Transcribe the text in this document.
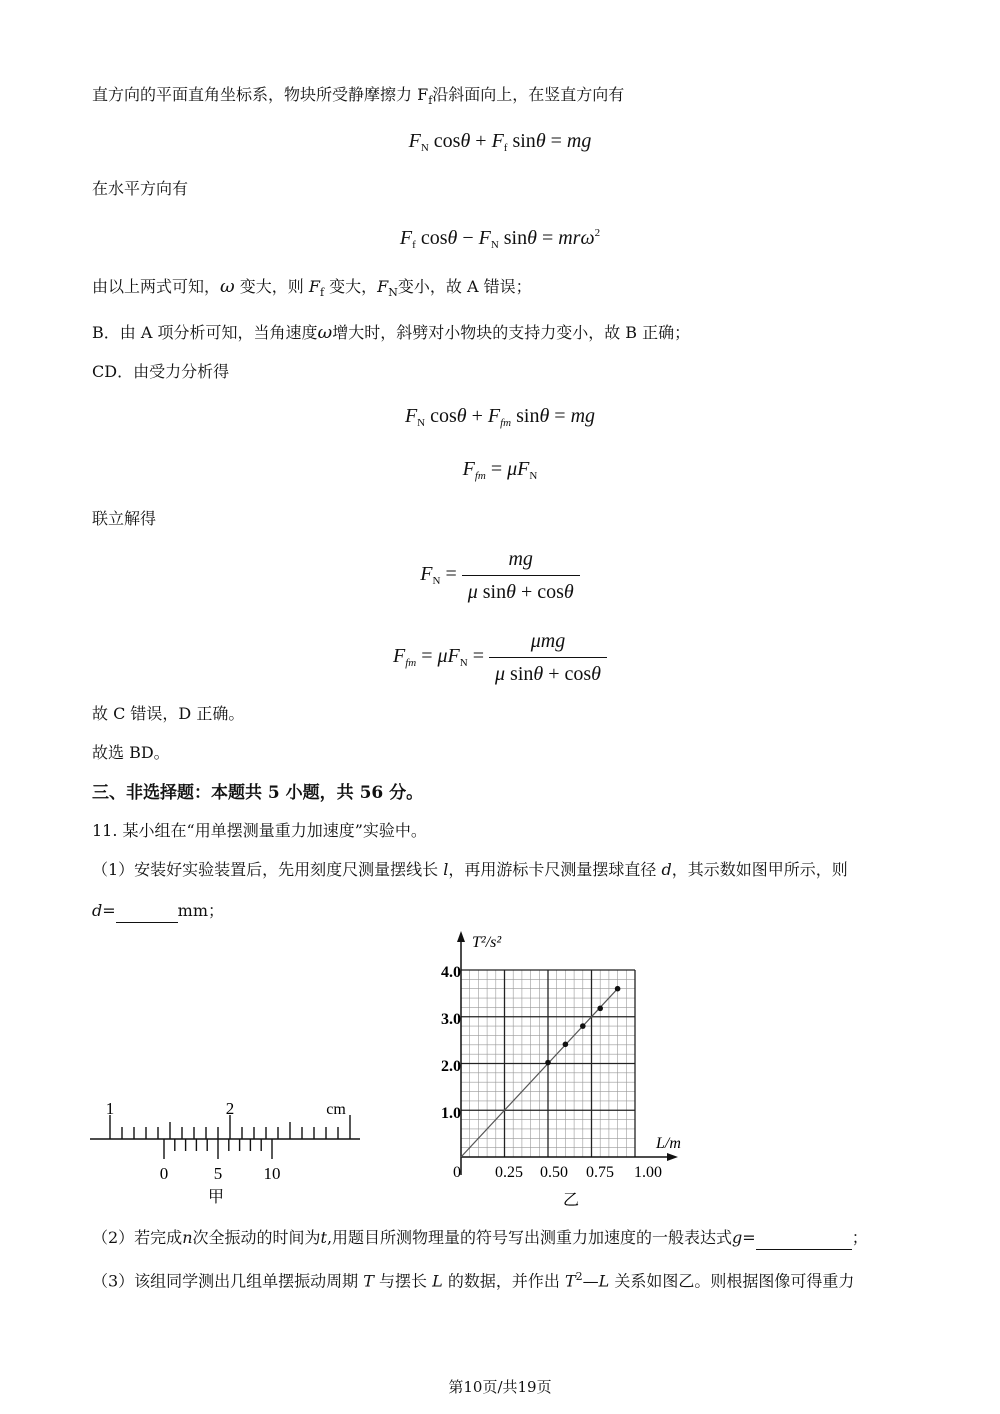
直方向的平面直角坐标系，物块所受静摩擦力 $F_f$沿斜面向上，在竖直方向有
$F_N$ $\cos\theta + F_f$ sinθ = mg
在水平方向有
$F_f$ $\cos\theta - F_N$ sinθ = mrω$^2$
由以上两式可知，ω 变大，则 $F_f$ 变大，$F_N$变小，故 A 错误；
B．由 A 项分析可知，当角速度ω增大时，斜劈对小物块的支持力变小，故 B 正确；
CD．由受力分析得
$F_N$ $\cos\theta + F_{fm}$ sinθ = mg
$F_{fm} = \mu F_N$
联立解得
$F_N = \frac{mg}{\text{μ sinθ + cosθ}}$
$F_{fm} = \mu F_N = \frac{\text{μmg}}{\text{μ sinθ + cosθ}}$
故 C 错误，D 正确。
故选 BD。
三、非选择题：本题共 5 小题，共 56 分。
11. 某小组在“用单摆测量重力加速度”实验中。
（1）安装好实验装置后，先用刻度尺测量摆线长 l，再用游标卡尺测量摆球直径 d，其示数如图甲所示，则
d=	mm；
1	2	cm
0	5 10
甲
T²/s²
L/m
0
1.0
2.0
3.0
4.0
0.25 0.50 0.75 1.00
乙
（2）若完成n次全振动的时间为t,用题目所测物理量的符号写出测重力加速度的一般表达式g=	；
（3）该组同学测出几组单摆振动周期 T 与摆长 L 的数据，并作出 $T^2—L$ 关系如图乙。则根据图像可得重力
第10页/共19页
